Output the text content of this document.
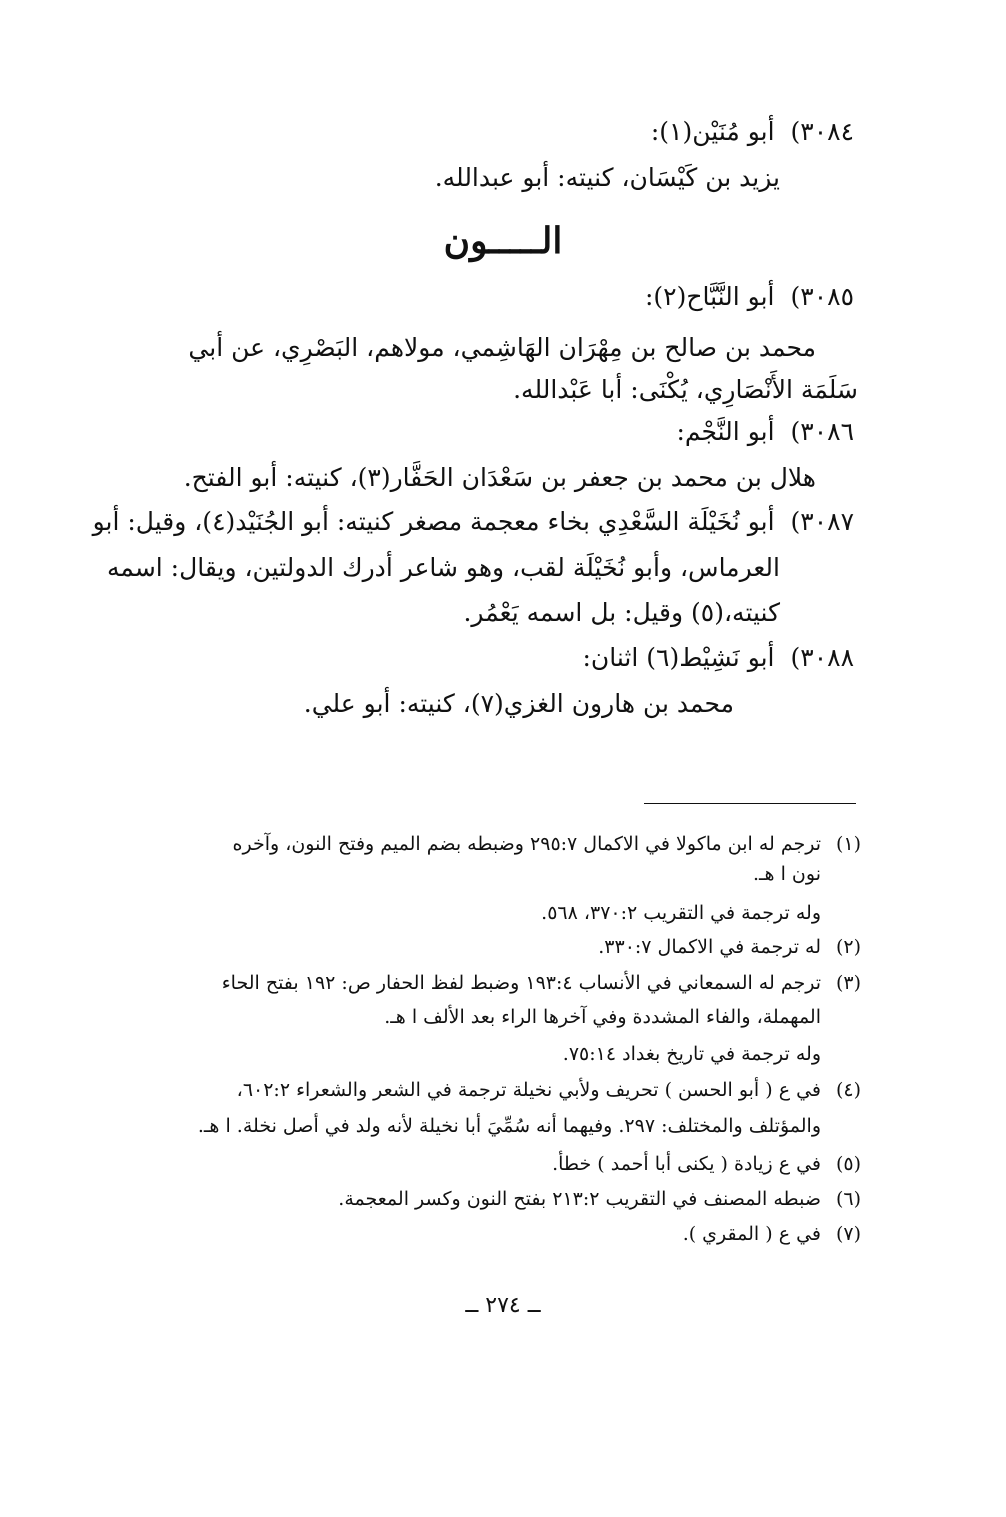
٣٠٨٤)أبو مُنَيْن(١):
يزيد بن كَيْسَان، كنيته: أبو عبدالله.
الـــــون
٣٠٨٥)أبو النَّبَّاح(٢):
محمد بن صالح بن مِهْرَان الهَاشِمي، مولاهم، البَصْرِي، عن أبي
سَلَمَة الأَنْصَارِي، يُكْنَى: أبا عَبْدالله.
٣٠٨٦)أبو النَّجْم:
هلال بن محمد بن جعفر بن سَعْدَان الحَفَّار(٣)، كنيته: أبو الفتح.
٣٠٨٧)أبو نُخَيْلَة السَّعْدِي بخاء معجمة مصغر كنيته: أبو الجُنَيْد(٤)، وقيل: أبو
العرماس، وأبو نُخَيْلَة لقب، وهو شاعر أدرك الدولتين، ويقال: اسمه
كنيته،(٥) وقيل: بل اسمه يَعْمُر.
٣٠٨٨)أبو نَشِيْط(٦) اثنان:
محمد بن هارون الغزي(٧)، كنيته: أبو علي.
(١)
ترجم له ابن ماكولا في الاكمال ٢٩٥:٧ وضبطه بضم الميم وفتح النون، وآخره
نون ا هـ.
وله ترجمة في التقريب ٣٧٠:٢، ٥٦٨.
(٢)
له ترجمة في الاكمال ٣٣٠:٧.
(٣)
ترجم له السمعاني في الأنساب ١٩٣:٤ وضبط لفظ الحفار ص: ١٩٢ بفتح الحاء
المهملة، والفاء المشددة وفي آخرها الراء بعد الألف ا هـ.
وله ترجمة في تاريخ بغداد ٧٥:١٤.
(٤)
في ع ( أبو الحسن ) تحريف ولأبي نخيلة ترجمة في الشعر والشعراء ٦٠٢:٢،
والمؤتلف والمختلف: ٢٩٧. وفيهما أنه سُمِّيَ أبا نخيلة لأنه ولد في أصل نخلة. ا هـ.
(٥)
في ع زيادة ( يكنى أبا أحمد ) خطأ.
(٦)
ضبطه المصنف في التقريب ٢١٣:٢ بفتح النون وكسر المعجمة.
(٧)
في ع ( المقري ).
ــ ٢٧٤ ــ
